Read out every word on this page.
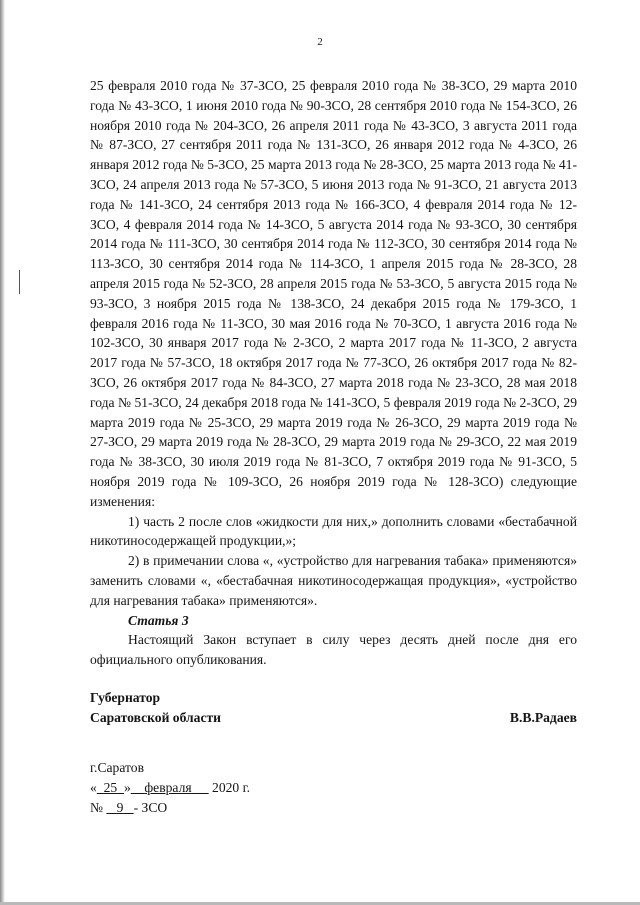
2

25 февраля 2010 года № 37-ЗСО, 25 февраля 2010 года № 38-ЗСО, 29 марта 2010 года № 43-ЗСО, 1 июня 2010 года № 90-ЗСО, 28 сентября 2010 года № 154-ЗСО, 26 ноября 2010 года № 204-ЗСО, 26 апреля 2011 года № 43-ЗСО, 3 августа 2011 года № 87-ЗСО, 27 сентября 2011 года № 131-ЗСО, 26 января 2012 года № 4-ЗСО, 26 января 2012 года № 5-ЗСО, 25 марта 2013 года № 28-ЗСО, 25 марта 2013 года № 41-ЗСО, 24 апреля 2013 года № 57-ЗСО, 5 июня 2013 года № 91-ЗСО, 21 августа 2013 года № 141-ЗСО, 24 сентября 2013 года № 166-ЗСО, 4 февраля 2014 года № 12-ЗСО, 4 февраля 2014 года № 14-ЗСО, 5 августа 2014 года № 93-ЗСО, 30 сентября 2014 года № 111-ЗСО, 30 сентября 2014 года № 112-ЗСО, 30 сентября 2014 года № 113-ЗСО, 30 сентября 2014 года № 114-ЗСО, 1 апреля 2015 года № 28-ЗСО, 28 апреля 2015 года № 52-ЗСО, 28 апреля 2015 года № 53-ЗСО, 5 августа 2015 года № 93-ЗСО, 3 ноября 2015 года № 138-ЗСО, 24 декабря 2015 года № 179-ЗСО, 1 февраля 2016 года № 11-ЗСО, 30 мая 2016 года № 70-ЗСО, 1 августа 2016 года № 102-ЗСО, 30 января 2017 года № 2-ЗСО, 2 марта 2017 года № 11-ЗСО, 2 августа 2017 года № 57-ЗСО, 18 октября 2017 года № 77-ЗСО, 26 октября 2017 года № 82-ЗСО, 26 октября 2017 года № 84-ЗСО, 27 марта 2018 года № 23-ЗСО, 28 мая 2018 года № 51-ЗСО, 24 декабря 2018 года № 141-ЗСО, 5 февраля 2019 года № 2-ЗСО, 29 марта 2019 года № 25-ЗСО, 29 марта 2019 года № 26-ЗСО, 29 марта 2019 года № 27-ЗСО, 29 марта 2019 года № 28-ЗСО, 29 марта 2019 года № 29-ЗСО, 22 мая 2019 года № 38-ЗСО, 30 июля 2019 года № 81-ЗСО, 7 октября 2019 года № 91-ЗСО, 5 ноября 2019 года № 109-ЗСО, 26 ноября 2019 года № 128-ЗСО) следующие изменения:

1) часть 2 после слов «жидкости для них,» дополнить словами «бестабачной никотиносодержащей продукции,»;

2) в примечании слова «, «устройство для нагревания табака» применяются» заменить словами «, «бестабачная никотиносодержащая продукция», «устройство для нагревания табака» применяются».

Статья 3

Настоящий Закон вступает в силу через десять дней после дня его официального опубликования.

Губернатор
Саратовской области	В.В.Радаев
г.Саратов
« 25 » февраля 2020 г.
№ 9 - ЗСО
